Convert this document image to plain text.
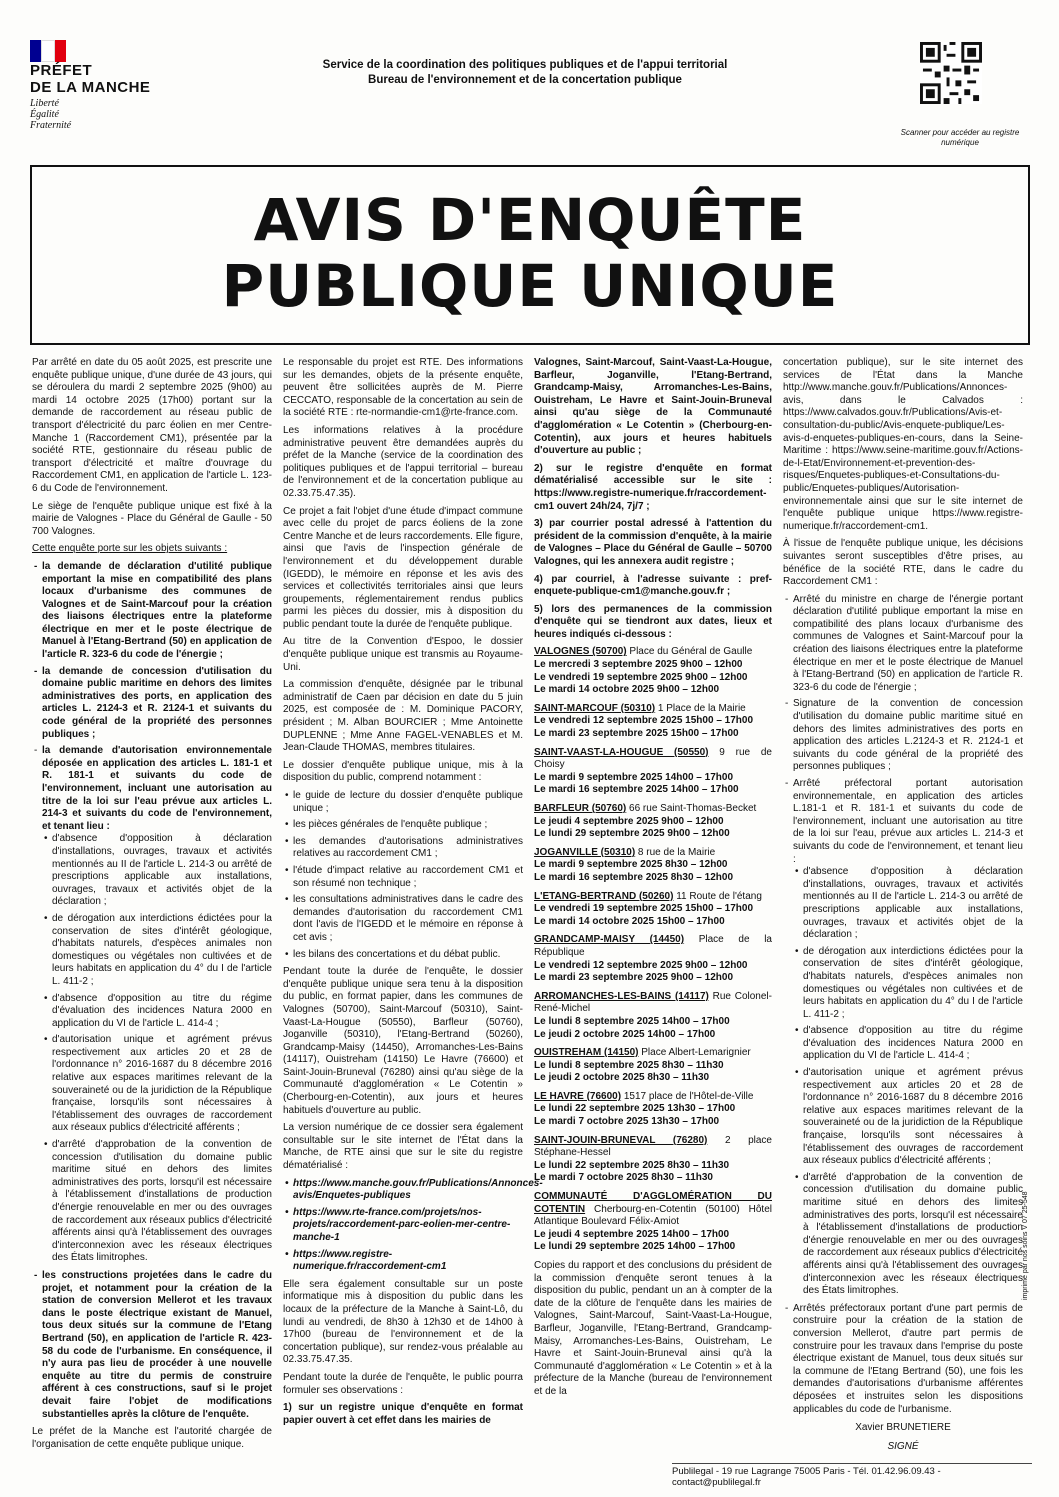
PRÉFET
DE LA MANCHE
Liberté
Égalité
Fraternité
Service de la coordination des politiques publiques et de l'appui territorial
Bureau de l'environnement et de la concertation publique
Scanner pour accéder au registre numérique
AVIS D'ENQUÊTE
PUBLIQUE UNIQUE

Par arrêté en date du 05 août 2025, est prescrite une enquête publique unique, d'une durée de 43 jours, qui se déroulera du mardi 2 septembre 2025 (9h00) au mardi 14 octobre 2025 (17h00) portant sur la demande de raccordement au réseau public de transport d'électricité du parc éolien en mer Centre-Manche 1 (Raccordement CM1), présentée par la société RTE, gestionnaire du réseau public de transport d'électricité et maître d'ouvrage du Raccordement CM1, en application de l'article L. 123-6 du Code de l'environnement.

Le siège de l'enquête publique unique est fixé à la mairie de Valognes - Place du Général de Gaulle - 50 700 Valognes.

Cette enquête porte sur les objets suivants :

- la demande de déclaration d'utilité publique emportant la mise en compatibilité des plans locaux d'urbanisme des communes de Valognes et de Saint-Marcouf pour la création des liaisons électriques entre la plateforme électrique en mer et le poste électrique de Manuel à l'Etang-Bertrand (50) en application de l'article R. 323-6 du code de l'énergie ;
- la demande de concession d'utilisation du domaine public maritime en dehors des limites administratives des ports, en application des articles L. 2124-3 et R. 2124-1 et suivants du code général de la propriété des personnes publiques ;
- la demande d'autorisation environnementale déposée en application des articles L. 181-1 et R. 181-1 et suivants du code de l'environnement, incluant une autorisation au titre de la loi sur l'eau prévue aux articles L. 214-3 et suivants du code de l'environnement, et tenant lieu :
• d'absence d'opposition à déclaration d'installations, ouvrages, travaux et activités mentionnés au II de l'article L. 214-3 ou arrêté de prescriptions applicable aux installations, ouvrages, travaux et activités objet de la déclaration ;
• de dérogation aux interdictions édictées pour la conservation de sites d'intérêt géologique, d'habitats naturels, d'espèces animales non domestiques ou végétales non cultivées et de leurs habitats en application du 4° du I de l'article L. 411-2 ;
• d'absence d'opposition au titre du régime d'évaluation des incidences Natura 2000 en application du VI de l'article L. 414-4 ;
• d'autorisation unique et agrément prévus respectivement aux articles 20 et 28 de l'ordonnance n° 2016-1687 du 8 décembre 2016 relative aux espaces maritimes relevant de la souveraineté ou de la juridiction de la République française, lorsqu'ils sont nécessaires à l'établissement des ouvrages de raccordement aux réseaux publics d'électricité afférents ;
• d'arrêté d'approbation de la convention de concession d'utilisation du domaine public maritime situé en dehors des limites administratives des ports, lorsqu'il est nécessaire à l'établissement d'installations de production d'énergie renouvelable en mer ou des ouvrages de raccordement aux réseaux publics d'électricité afférents ainsi qu'à l'établissement des ouvrages d'interconnexion avec les réseaux électriques des États limitrophes.
- les constructions projetées dans le cadre du projet, et notamment pour la création de la station de conversion Mellerot et les travaux dans le poste électrique existant de Manuel, tous deux situés sur la commune de l'Etang Bertrand (50), en application de l'article R. 423-58 du code de l'urbanisme. En conséquence, il n'y aura pas lieu de procéder à une nouvelle enquête au titre du permis de construire afférent à ces constructions, sauf si le projet devait faire l'objet de modifications substantielles après la clôture de l'enquête.

Le préfet de la Manche est l'autorité chargée de l'organisation de cette enquête publique unique.

Le responsable du projet est RTE. Des informations sur les demandes, objets de la présente enquête, peuvent être sollicitées auprès de M. Pierre CECCATO, responsable de la concertation au sein de la société RTE : rte-normandie-cm1@rte-france.com.

Les informations relatives à la procédure administrative peuvent être demandées auprès du préfet de la Manche (service de la coordination des politiques publiques et de l'appui territorial – bureau de l'environnement et de la concertation publique au 02.33.75.47.35).

Ce projet a fait l'objet d'une étude d'impact commune avec celle du projet de parcs éoliens de la zone Centre Manche et de leurs raccordements. Elle figure, ainsi que l'avis de l'inspection générale de l'environnement et du développement durable (IGEDD), le mémoire en réponse et les avis des services et collectivités territoriales ainsi que leurs groupements, réglementairement rendus publics parmi les pièces du dossier, mis à disposition du public pendant toute la durée de l'enquête publique.

Au titre de la Convention d'Espoo, le dossier d'enquête publique unique est transmis au Royaume-Uni.

La commission d'enquête, désignée par le tribunal administratif de Caen par décision en date du 5 juin 2025, est composée de : M. Dominique PACORY, président ; M. Alban BOURCIER ; Mme Antoinette DUPLENNE ; Mme Anne FAGEL-VENABLES et M. Jean-Claude THOMAS, membres titulaires.

Le dossier d'enquête publique unique, mis à la disposition du public, comprend notamment :

• le guide de lecture du dossier d'enquête publique unique ;
• les pièces générales de l'enquête publique ;
• les demandes d'autorisations administratives relatives au raccordement CM1 ;
• l'étude d'impact relative au raccordement CM1 et son résumé non technique ;
• les consultations administratives dans le cadre des demandes d'autorisation du raccordement CM1 dont l'avis de l'IGEDD et le mémoire en réponse à cet avis ;
• les bilans des concertations et du débat public.

Pendant toute la durée de l'enquête, le dossier d'enquête publique unique sera tenu à la disposition du public, en format papier, dans les communes de Valognes (50700), Saint-Marcouf (50310), Saint-Vaast-La-Hougue (50550), Barfleur (50760), Joganville (50310), l'Etang-Bertrand (50260), Grandcamp-Maisy (14450), Arromanches-Les-Bains (14117), Ouistreham (14150) Le Havre (76600) et Saint-Jouin-Bruneval (76280) ainsi qu'au siège de la Communauté d'agglomération « Le Cotentin » (Cherbourg-en-Cotentin), aux jours et heures habituels d'ouverture au public.

La version numérique de ce dossier sera également consultable sur le site internet de l'État dans la Manche, de RTE ainsi que sur le site du registre dématérialisé :

• https://www.manche.gouv.fr/Publications/Annonces-avis/Enquetes-publiques
• https://www.rte-france.com/projets/nos-projets/raccordement-parc-eolien-mer-centre-manche-1
• https://www.registre-numerique.fr/raccordement-cm1

Elle sera également consultable sur un poste informatique mis à disposition du public dans les locaux de la préfecture de la Manche à Saint-Lô, du lundi au vendredi, de 8h30 à 12h30 et de 14h00 à 17h00 (bureau de l'environnement et de la concertation publique), sur rendez-vous préalable au 02.33.75.47.35.

Pendant toute la durée de l'enquête, le public pourra formuler ses observations :

1) sur un registre unique d'enquête en format papier ouvert à cet effet dans les mairies de

Valognes, Saint-Marcouf, Saint-Vaast-La-Hougue, Barfleur, Joganville, l'Etang-Bertrand, Grandcamp-Maisy, Arromanches-Les-Bains, Ouistreham, Le Havre et Saint-Jouin-Bruneval ainsi qu'au siège de la Communauté d'agglomération « Le Cotentin » (Cherbourg-en-Cotentin), aux jours et heures habituels d'ouverture au public ;

2) sur le registre d'enquête en format dématérialisé accessible sur le site : https://www.registre-numerique.fr/raccordement-cm1 ouvert 24h/24, 7j/7 ;

3) par courrier postal adressé à l'attention du président de la commission d'enquête, à la mairie de Valognes – Place du Général de Gaulle – 50700 Valognes, qui les annexera audit registre ;

4) par courriel, à l'adresse suivante : pref-enquete-publique-cm1@manche.gouv.fr ;

5) lors des permanences de la commission d'enquête qui se tiendront aux dates, lieux et heures indiqués ci-dessous :

VALOGNES (50700) Place du Général de Gaulle
Le mercredi 3 septembre 2025 9h00 – 12h00
Le vendredi 19 septembre 2025 9h00 – 12h00
Le mardi 14 octobre 2025 9h00 – 12h00
SAINT-MARCOUF (50310) 1 Place de la Mairie
Le vendredi 12 septembre 2025 15h00 – 17h00
Le mardi 23 septembre 2025 15h00 – 17h00
SAINT-VAAST-LA-HOUGUE (50550) 9 rue de Choisy
Le mardi 9 septembre 2025 14h00 – 17h00
Le mardi 16 septembre 2025 14h00 – 17h00
BARFLEUR (50760) 66 rue Saint-Thomas-Becket
Le jeudi 4 septembre 2025 9h00 – 12h00
Le lundi 29 septembre 2025 9h00 – 12h00
JOGANVILLE (50310) 8 rue de la Mairie
Le mardi 9 septembre 2025 8h30 – 12h00
Le mardi 16 septembre 2025 8h30 – 12h00
L'ETANG-BERTRAND (50260) 11 Route de l'étang
Le vendredi 19 septembre 2025 15h00 – 17h00
Le mardi 14 octobre 2025 15h00 – 17h00
GRANDCAMP-MAISY (14450) Place de la République
Le vendredi 12 septembre 2025 9h00 – 12h00
Le mardi 23 septembre 2025 9h00 – 12h00
ARROMANCHES-LES-BAINS (14117) Rue Colonel-René-Michel
Le lundi 8 septembre 2025 14h00 – 17h00
Le jeudi 2 octobre 2025 14h00 – 17h00
OUISTREHAM (14150) Place Albert-Lemarignier
Le lundi 8 septembre 2025 8h30 – 11h30
Le jeudi 2 octobre 2025 8h30 – 11h30
LE HAVRE (76600) 1517 place de l'Hôtel-de-Ville
Le lundi 22 septembre 2025 13h30 – 17h00
Le mardi 7 octobre 2025 13h30 – 17h00
SAINT-JOUIN-BRUNEVAL (76280) 2 place Stéphane-Hessel
Le lundi 22 septembre 2025 8h30 – 11h30
Le mardi 7 octobre 2025 8h30 – 11h30
COMMUNAUTÉ D'AGGLOMÉRATION DU COTENTIN Cherbourg-en-Cotentin (50100) Hôtel Atlantique Boulevard Félix-Amiot
Le jeudi 4 septembre 2025 14h00 – 17h00
Le lundi 29 septembre 2025 14h00 – 17h00

Copies du rapport et des conclusions du président de la commission d'enquête seront tenues à la disposition du public, pendant un an à compter de la date de la clôture de l'enquête dans les mairies de Valognes, Saint-Marcouf, Saint-Vaast-La-Hougue, Barfleur, Joganville, l'Etang-Bertrand, Grandcamp-Maisy, Arromanches-Les-Bains, Ouistreham, Le Havre et Saint-Jouin-Bruneval ainsi qu'à la Communauté d'agglomération « Le Cotentin » et à la préfecture de la Manche (bureau de l'environnement et de la

concertation publique), sur le site internet des services de l'État dans la Manche http://www.manche.gouv.fr/Publications/Annonces-avis, dans le Calvados : https://www.calvados.gouv.fr/Publications/Avis-et-consultation-du-public/Avis-enquete-publique/Les-avis-d-enquetes-publiques-en-cours, dans la Seine-Maritime : https://www.seine-maritime.gouv.fr/Actions-de-l-Etat/Environnement-et-prevention-des-risques/Enquetes-publiques-et-Consultations-du-public/Enquetes-publiques/Autorisation-environnementale ainsi que sur le site internet de l'enquête publique unique https://www.registre-numerique.fr/raccordement-cm1.

À l'issue de l'enquête publique unique, les décisions suivantes seront susceptibles d'être prises, au bénéfice de la société RTE, dans le cadre du Raccordement CM1 :

- Arrêté du ministre en charge de l'énergie portant déclaration d'utilité publique emportant la mise en compatibilité des plans locaux d'urbanisme des communes de Valognes et Saint-Marcouf pour la création des liaisons électriques entre la plateforme électrique en mer et le poste électrique de Manuel à l'Etang-Bertrand (50) en application de l'article R. 323-6 du code de l'énergie ;
- Signature de la convention de concession d'utilisation du domaine public maritime situé en dehors des limites administratives des ports en application des articles L.2124-3 et R. 2124-1 et suivants du code général de la propriété des personnes publiques ;
- Arrêté préfectoral portant autorisation environnementale, en application des articles L.181-1 et R. 181-1 et suivants du code de l'environnement, incluant une autorisation au titre de la loi sur l'eau, prévue aux articles L. 214-3 et suivants du code de l'environnement, et tenant lieu :
• d'absence d'opposition à déclaration d'installations, ouvrages, travaux et activités mentionnés au II de l'article L. 214-3 ou arrêté de prescriptions applicable aux installations, ouvrages, travaux et activités objet de la déclaration ;
• de dérogation aux interdictions édictées pour la conservation de sites d'intérêt géologique, d'habitats naturels, d'espèces animales non domestiques ou végétales non cultivées et de leurs habitats en application du 4° du I de l'article L. 411-2 ;
• d'absence d'opposition au titre du régime d'évaluation des incidences Natura 2000 en application du VI de l'article L. 414-4 ;
• d'autorisation unique et agrément prévus respectivement aux articles 20 et 28 de l'ordonnance n° 2016-1687 du 8 décembre 2016 relative aux espaces maritimes relevant de la souveraineté ou de la juridiction de la République française, lorsqu'ils sont nécessaires à l'établissement des ouvrages de raccordement aux réseaux publics d'électricité afférents ;
• d'arrêté d'approbation de la convention de concession d'utilisation du domaine public maritime situé en dehors des limites administratives des ports, lorsqu'il est nécessaire à l'établissement d'installations de production d'énergie renouvelable en mer ou des ouvrages de raccordement aux réseaux publics d'électricité afférents ainsi qu'à l'établissement des ouvrages d'interconnexion avec les réseaux électriques des États limitrophes.
- Arrêtés préfectoraux portant d'une part permis de construire pour la création de la station de conversion Mellerot, d'autre part permis de construire pour les travaux dans l'emprise du poste électrique existant de Manuel, tous deux situés sur la commune de l'Etang Bertrand (50), une fois les demandes d'autorisations d'urbanisme afférentes déposées et instruites selon les dispositions applicables du code de l'urbanisme.
Xavier BRUNETIERE
SIGNÉ
Publilegal - 19 rue Lagrange 75005 Paris - Tél. 01.42.96.09.43 - contact@publilegal.fr
imprimé par nos soins V 07 25-548
